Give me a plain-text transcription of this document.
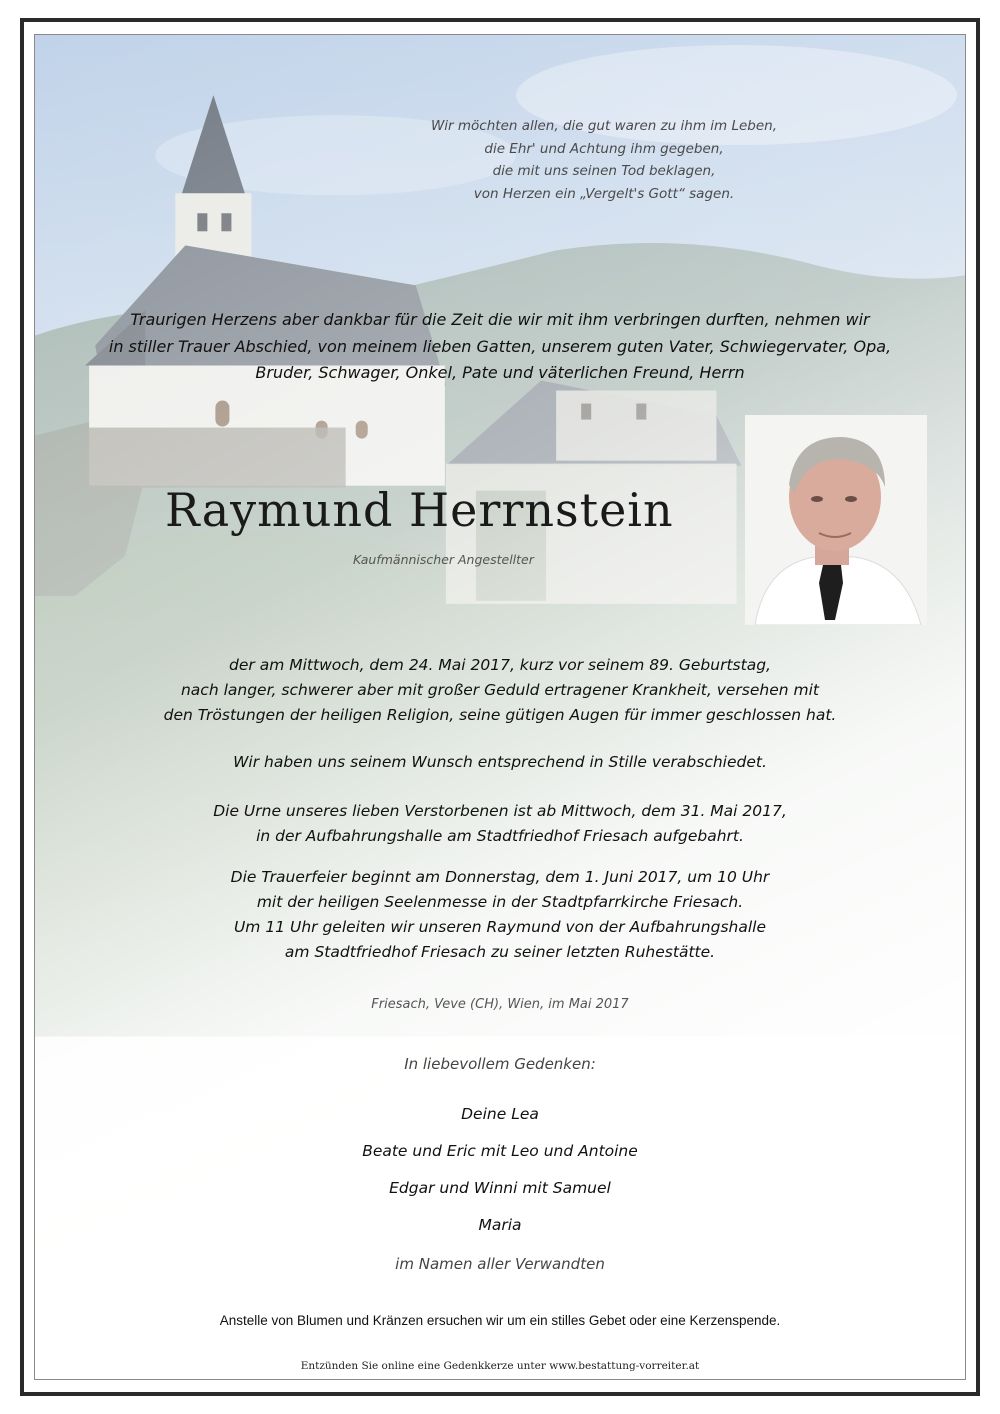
Wir möchten allen, die gut waren zu ihm im Leben,
die Ehr' und Achtung ihm gegeben,
die mit uns seinen Tod beklagen,
von Herzen ein „Vergelt's Gott“ sagen.
Traurigen Herzens aber dankbar für die Zeit die wir mit ihm verbringen durften, nehmen wir
in stiller Trauer Abschied, von meinem lieben Gatten, unserem guten Vater, Schwiegervater, Opa,
Bruder, Schwager, Onkel, Pate und väterlichen Freund, Herrn
Raymund Herrnstein
Kaufmännischer Angestellter
der am Mittwoch, dem 24. Mai 2017, kurz vor seinem 89. Geburtstag,
nach langer, schwerer aber mit großer Geduld ertragener Krankheit, versehen mit
den Tröstungen der heiligen Religion, seine gütigen Augen für immer geschlossen hat.
Wir haben uns seinem Wunsch entsprechend in Stille verabschiedet.
Die Urne unseres lieben Verstorbenen ist ab Mittwoch, dem 31. Mai 2017,
in der Aufbahrungshalle am Stadtfriedhof Friesach aufgebahrt.
Die Trauerfeier beginnt am Donnerstag, dem 1. Juni 2017, um 10 Uhr
mit der heiligen Seelenmesse in der Stadtpfarrkirche Friesach.
Um 11 Uhr geleiten wir unseren Raymund von der Aufbahrungshalle
am Stadtfriedhof Friesach zu seiner letzten Ruhestätte.
Friesach, Veve (CH), Wien, im Mai 2017
In liebevollem Gedenken:
Deine Lea
Beate und Eric mit Leo und Antoine
Edgar und Winni mit Samuel
Maria
im Namen aller Verwandten
Anstelle von Blumen und Kränzen ersuchen wir um ein stilles Gebet oder eine Kerzenspende.
Entzünden Sie online eine Gedenkkerze unter www.bestattung-vorreiter.at
